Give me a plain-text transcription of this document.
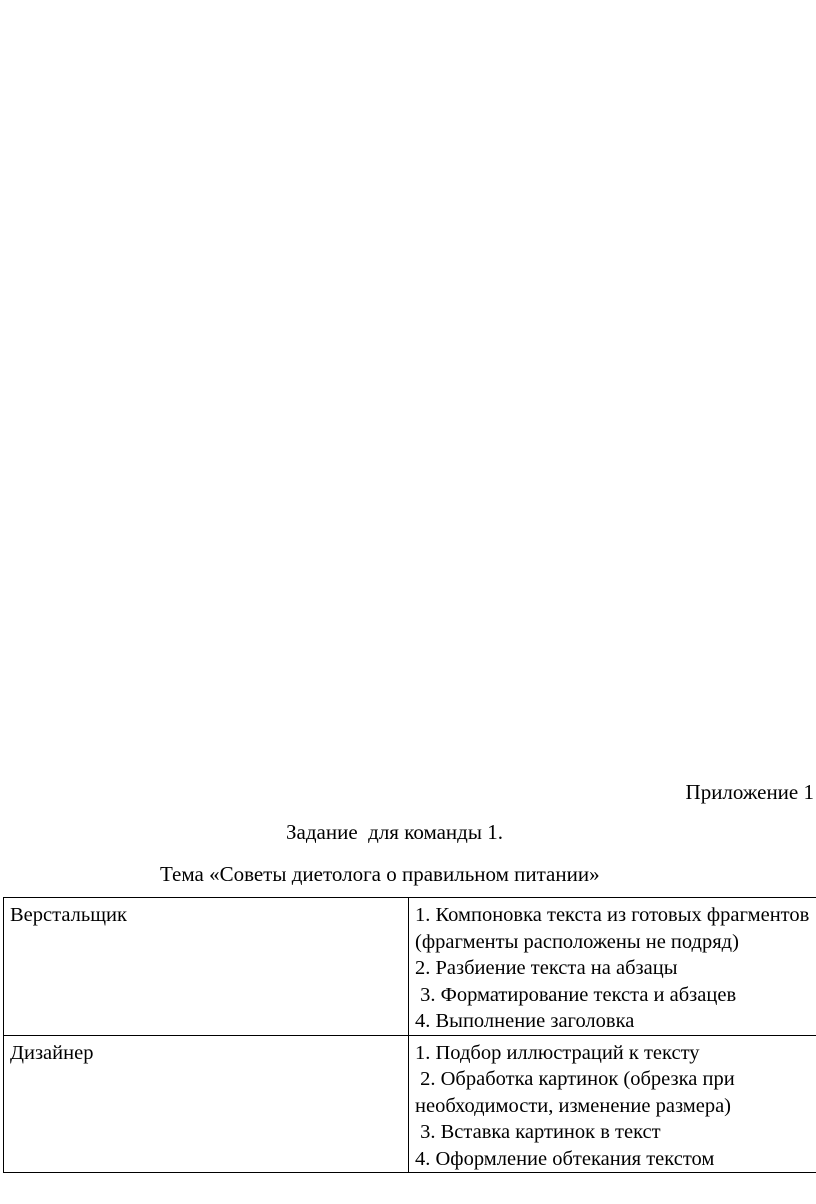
Приложение 1
Задание  для команды 1.
Тема «Советы диетолога о правильном питании»
Верстальщик	1. Компоновка текста из готовых фрагментов (фрагменты расположены не подряд)
2. Разбиение текста на абзацы
3. Форматирование текста и абзацев
4. Выполнение заголовка

Дизайнер	1. Подбор иллюстраций к тексту
2. Обработка картинок (обрезка при необходимости, изменение размера)
3. Вставка картинок в текст
4. Оформление обтекания текстом
